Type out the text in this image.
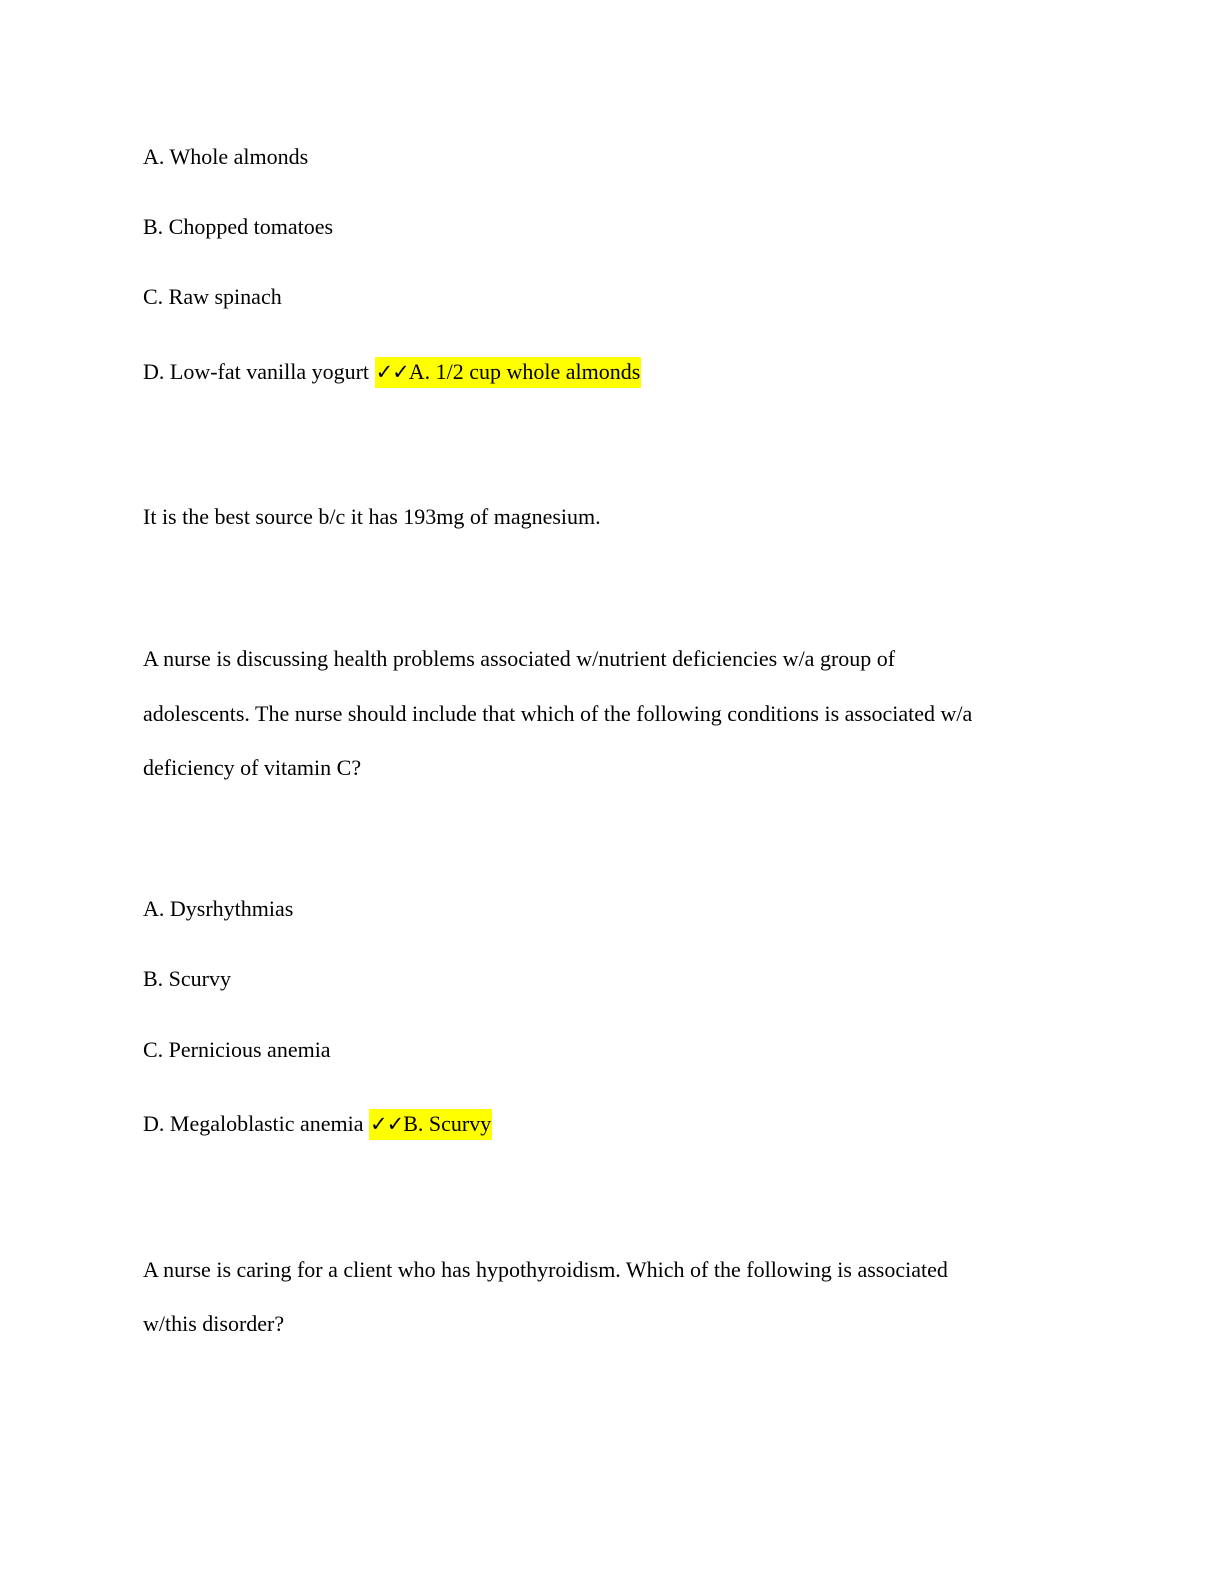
A. Whole almonds
B. Chopped tomatoes
C. Raw spinach
D. Low-fat vanilla yogurt ✓✓A. 1/2 cup whole almonds
It is the best source b/c it has 193mg of magnesium.
A nurse is discussing health problems associated w/nutrient deficiencies w/a group of
adolescents. The nurse should include that which of the following conditions is associated w/a
deficiency of vitamin C?
A. Dysrhythmias
B. Scurvy
C. Pernicious anemia
D. Megaloblastic anemia ✓✓B. Scurvy
A nurse is caring for a client who has hypothyroidism. Which of the following is associated
w/this disorder?
